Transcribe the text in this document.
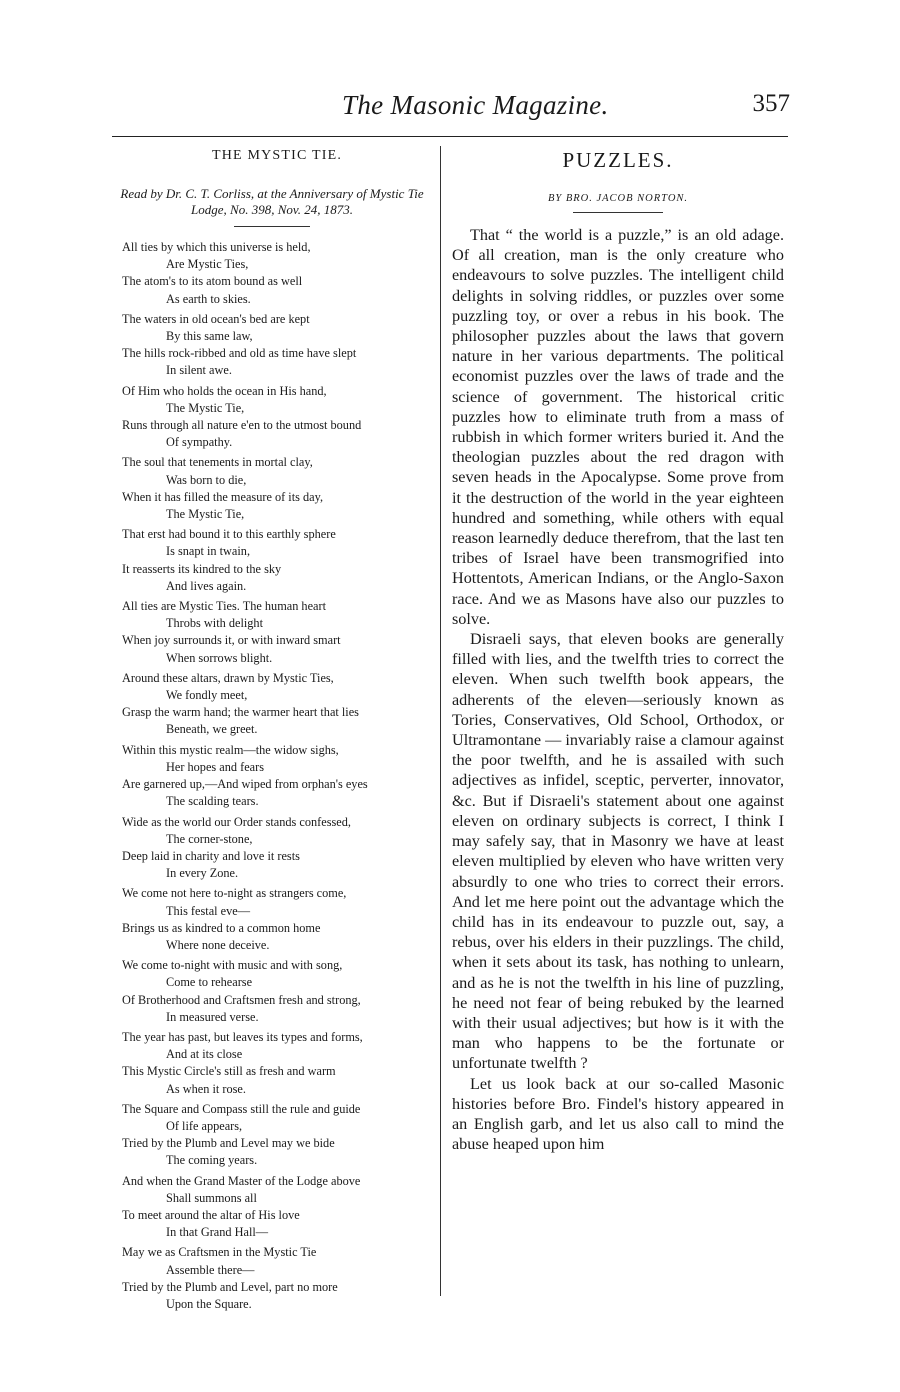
The Masonic Magazine.	357
THE MYSTIC TIE.
Read by Dr. C. T. Corliss, at the Anniversary of Mystic Tie Lodge, No. 398, Nov. 24, 1873.
All ties by which this universe is held,
Are Mystic Ties,
The atom's to its atom bound as well
As earth to skies.
The waters in old ocean's bed are kept
By this same law,
The hills rock-ribbed and old as time have slept
In silent awe.
Of Him who holds the ocean in His hand,
The Mystic Tie,
Runs through all nature e'en to the utmost bound
Of sympathy.
The soul that tenements in mortal clay,
Was born to die,
When it has filled the measure of its day,
The Mystic Tie,
That erst had bound it to this earthly sphere
Is snapt in twain,
It reasserts its kindred to the sky
And lives again.
All ties are Mystic Ties. The human heart
Throbs with delight
When joy surrounds it, or with inward smart
When sorrows blight.
Around these altars, drawn by Mystic Ties,
We fondly meet,
Grasp the warm hand; the warmer heart that lies
Beneath, we greet.
Within this mystic realm—the widow sighs,
Her hopes and fears
Are garnered up,—And wiped from orphan's eyes
The scalding tears.
Wide as the world our Order stands confessed,
The corner-stone,
Deep laid in charity and love it rests
In every Zone.
We come not here to-night as strangers come,
This festal eve—
Brings us as kindred to a common home
Where none deceive.
We come to-night with music and with song,
Come to rehearse
Of Brotherhood and Craftsmen fresh and strong,
In measured verse.
The year has past, but leaves its types and forms,
And at its close
This Mystic Circle's still as fresh and warm
As when it rose.
The Square and Compass still the rule and guide
Of life appears,
Tried by the Plumb and Level may we bide
The coming years.
And when the Grand Master of the Lodge above
Shall summons all
To meet around the altar of His love
In that Grand Hall—
May we as Craftsmen in the Mystic Tie
Assemble there—
Tried by the Plumb and Level, part no more
Upon the Square.
PUZZLES.
BY BRO. JACOB NORTON.

That “ the world is a puzzle,” is an old adage. Of all creation, man is the only creature who endeavours to solve puzzles. The intelligent child delights in solving riddles, or puzzles over some puzzling toy, or over a rebus in his book. The philosopher puzzles about the laws that govern nature in her various departments. The political economist puzzles over the laws of trade and the science of government. The historical critic puzzles how to eliminate truth from a mass of rubbish in which former writers buried it. And the theologian puzzles about the red dragon with seven heads in the Apocalypse. Some prove from it the destruction of the world in the year eighteen hundred and something, while others with equal reason learnedly deduce therefrom, that the last ten tribes of Israel have been transmogrified into Hottentots, American Indians, or the Anglo-Saxon race. And we as Masons have also our puzzles to solve.

Disraeli says, that eleven books are generally filled with lies, and the twelfth tries to correct the eleven. When such twelfth book appears, the adherents of the eleven—seriously known as Tories, Conservatives, Old School, Orthodox, or Ultramontane — invariably raise a clamour against the poor twelfth, and he is assailed with such adjectives as infidel, sceptic, perverter, innovator, &c. But if Disraeli's statement about one against eleven on ordinary subjects is correct, I think I may safely say, that in Masonry we have at least eleven multiplied by eleven who have written very absurdly to one who tries to correct their errors. And let me here point out the advantage which the child has in its endeavour to puzzle out, say, a rebus, over his elders in their puzzlings. The child, when it sets about its task, has nothing to unlearn, and as he is not the twelfth in his line of puzzling, he need not fear of being rebuked by the learned with their usual adjectives; but how is it with the man who happens to be the fortunate or unfortunate twelfth ?

Let us look back at our so-called Masonic histories before Bro. Findel's history appeared in an English garb, and let us also call to mind the abuse heaped upon him
